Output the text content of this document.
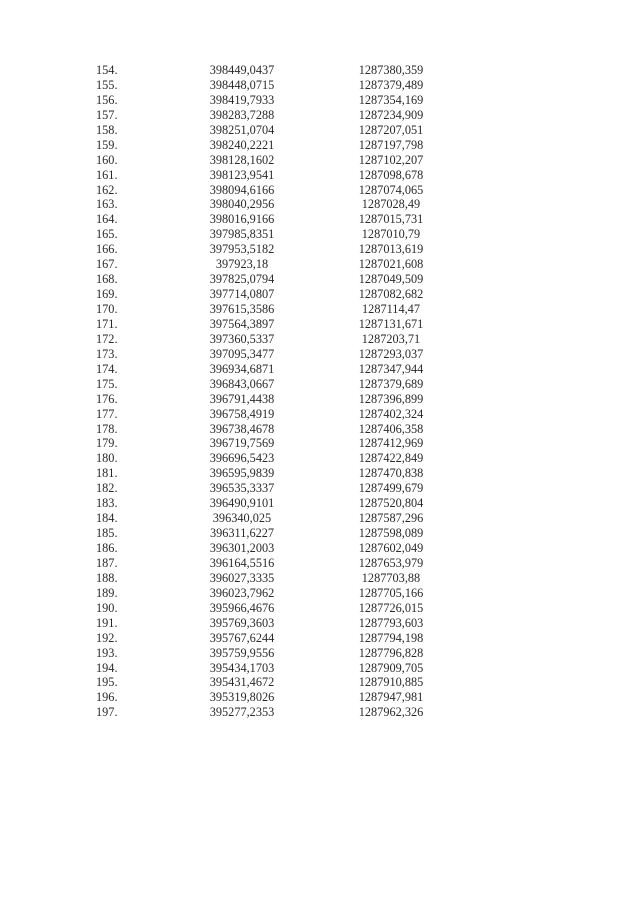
154.	398449,0437	1287380,359
155.	398448,0715	1287379,489
156.	398419,7933	1287354,169
157.	398283,7288	1287234,909
158.	398251,0704	1287207,051
159.	398240,2221	1287197,798
160.	398128,1602	1287102,207
161.	398123,9541	1287098,678
162.	398094,6166	1287074,065
163.	398040,2956	1287028,49
164.	398016,9166	1287015,731
165.	397985,8351	1287010,79
166.	397953,5182	1287013,619
167.	397923,18	1287021,608
168.	397825,0794	1287049,509
169.	397714,0807	1287082,682
170.	397615,3586	1287114,47
171.	397564,3897	1287131,671
172.	397360,5337	1287203,71
173.	397095,3477	1287293,037
174.	396934,6871	1287347,944
175.	396843,0667	1287379,689
176.	396791,4438	1287396,899
177.	396758,4919	1287402,324
178.	396738,4678	1287406,358
179.	396719,7569	1287412,969
180.	396696,5423	1287422,849
181.	396595,9839	1287470,838
182.	396535,3337	1287499,679
183.	396490,9101	1287520,804
184.	396340,025	1287587,296
185.	396311,6227	1287598,089
186.	396301,2003	1287602,049
187.	396164,5516	1287653,979
188.	396027,3335	1287703,88
189.	396023,7962	1287705,166
190.	395966,4676	1287726,015
191.	395769,3603	1287793,603
192.	395767,6244	1287794,198
193.	395759,9556	1287796,828
194.	395434,1703	1287909,705
195.	395431,4672	1287910,885
196.	395319,8026	1287947,981
197.	395277,2353	1287962,326
